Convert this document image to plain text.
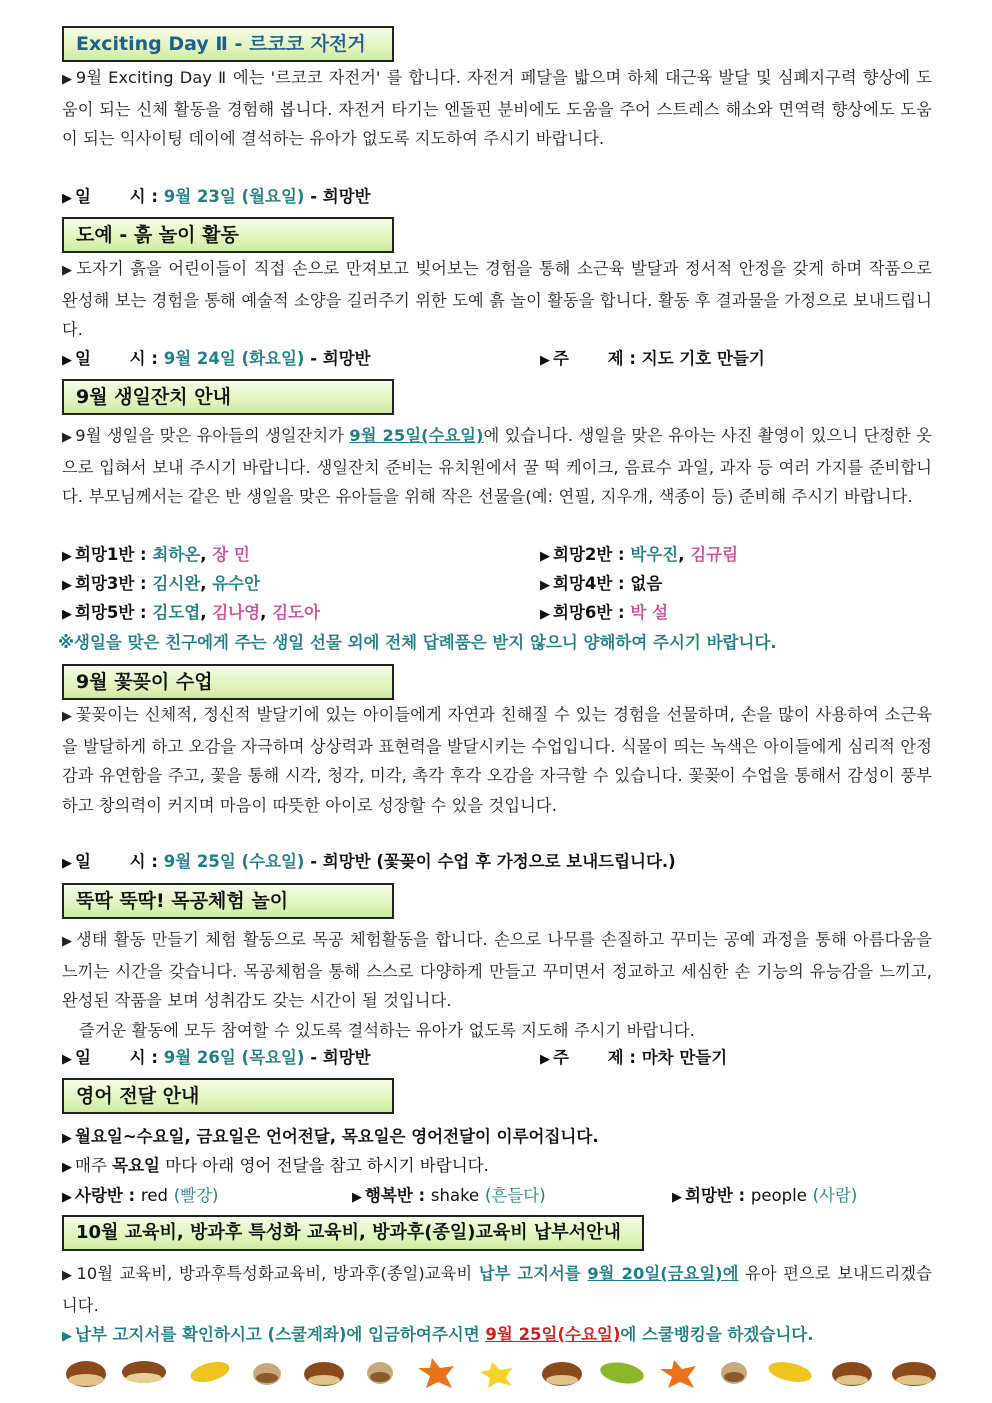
Exciting Day Ⅱ - 르코코 자전거
▶ 9월 Exciting Day Ⅱ 에는 '르코코 자전거' 를 합니다. 자전거 페달을 밟으며 하체 대근육 발달 및 심폐지구력 향상에 도움이 되는 신체 활동을 경험해 봅니다. 자전거 타기는 엔돌핀 분비에도 도움을 주어 스트레스 해소와 면역력 향상에도 도움이 되는 익사이팅 데이에 결석하는 유아가 없도록 지도하여 주시기 바랍니다.
▶ 일　　 시 : 9월 23일 (월요일) - 희망반
도예 - 흙 놀이 활동
▶ 도자기 흙을 어린이들이 직접 손으로 만져보고 빚어보는 경험을 통해 소근육 발달과 정서적 안정을 갖게 하며 작품으로 완성해 보는 경험을 통해 예술적 소양을 길러주기 위한 도예 흙 놀이 활동을 합니다. 활동 후 결과물을 가정으로 보내드립니다.
▶ 일　　 시 : 9월 24일 (화요일) - 희망반	▶ 주　　 제 : 지도 기호 만들기
9월 생일잔치 안내
▶ 9월 생일을 맞은 유아들의 생일잔치가 9월 25일(수요일)에 있습니다. 생일을 맞은 유아는 사진 촬영이 있으니 단정한 옷으로 입혀서 보내 주시기 바랍니다. 생일잔치 준비는 유치원에서 꿀 떡 케이크, 음료수 과일, 과자 등 여러 가지를 준비합니다. 부모님께서는 같은 반 생일을 맞은 유아들을 위해 작은 선물을(예: 연필, 지우개, 색종이 등) 준비해 주시기 바랍니다.
▶ 희망1반 : 최하온, 장 민	▶ 희망2반 : 박우진, 김규림
▶ 희망3반 : 김시완, 유수안	▶ 희망4반 : 없음
▶ 희망5반 : 김도엽, 김나영, 김도아	▶ 희망6반 : 박 설
※생일을 맞은 친구에게 주는 생일 선물 외에 전체 답례품은 받지 않으니 양해하여 주시기 바랍니다.
9월 꽃꽂이 수업
▶ 꽃꽂이는 신체적, 정신적 발달기에 있는 아이들에게 자연과 친해질 수 있는 경험을 선물하며, 손을 많이 사용하여 소근육을 발달하게 하고 오감을 자극하며 상상력과 표현력을 발달시키는 수업입니다. 식물이 띄는 녹색은 아이들에게 심리적 안정감과 유연함을 주고, 꽃을 통해 시각, 청각, 미각, 촉각 후각 오감을 자극할 수 있습니다. 꽃꽂이 수업을 통해서 감성이 풍부하고 창의력이 커지며 마음이 따뜻한 아이로 성장할 수 있을 것입니다.
▶ 일　　 시 : 9월 25일 (수요일) - 희망반 (꽃꽂이 수업 후 가정으로 보내드립니다.)
뚝딱 뚝딱! 목공체험 놀이
▶ 생태 활동 만들기 체험 활동으로 목공 체험활동을 합니다. 손으로 나무를 손질하고 꾸미는 공예 과정을 통해 아름다움을 느끼는 시간을 갖습니다. 목공체험을 통해 스스로 다양하게 만들고 꾸미면서 정교하고 세심한 손 기능의 유능감을 느끼고, 완성된 작품을 보며 성취감도 갖는 시간이 될 것입니다.
즐거운 활동에 모두 참여할 수 있도록 결석하는 유아가 없도록 지도해 주시기 바랍니다.
▶ 일　　 시 : 9월 26일 (목요일) - 희망반	▶ 주　　 제 : 마차 만들기
영어 전달 안내
▶ 월요일~수요일, 금요일은 언어전달, 목요일은 영어전달이 이루어집니다.
▶ 매주 목요일 마다 아래 영어 전달을 참고 하시기 바랍니다.
▶ 사랑반 : red (빨강)	▶ 행복반 : shake (흔들다)	▶ 희망반 : people (사람)
10월 교육비, 방과후 특성화 교육비, 방과후(종일)교육비 납부서안내
▶ 10월 교육비, 방과후특성화교육비, 방과후(종일)교육비 납부 고지서를 9월 20일(금요일)에 유아 편으로 보내드리겠습니다.
▶ 납부 고지서를 확인하시고 (스쿨계좌)에 입금하여주시면 9월 25일(수요일)에 스쿨뱅킹을 하겠습니다.
